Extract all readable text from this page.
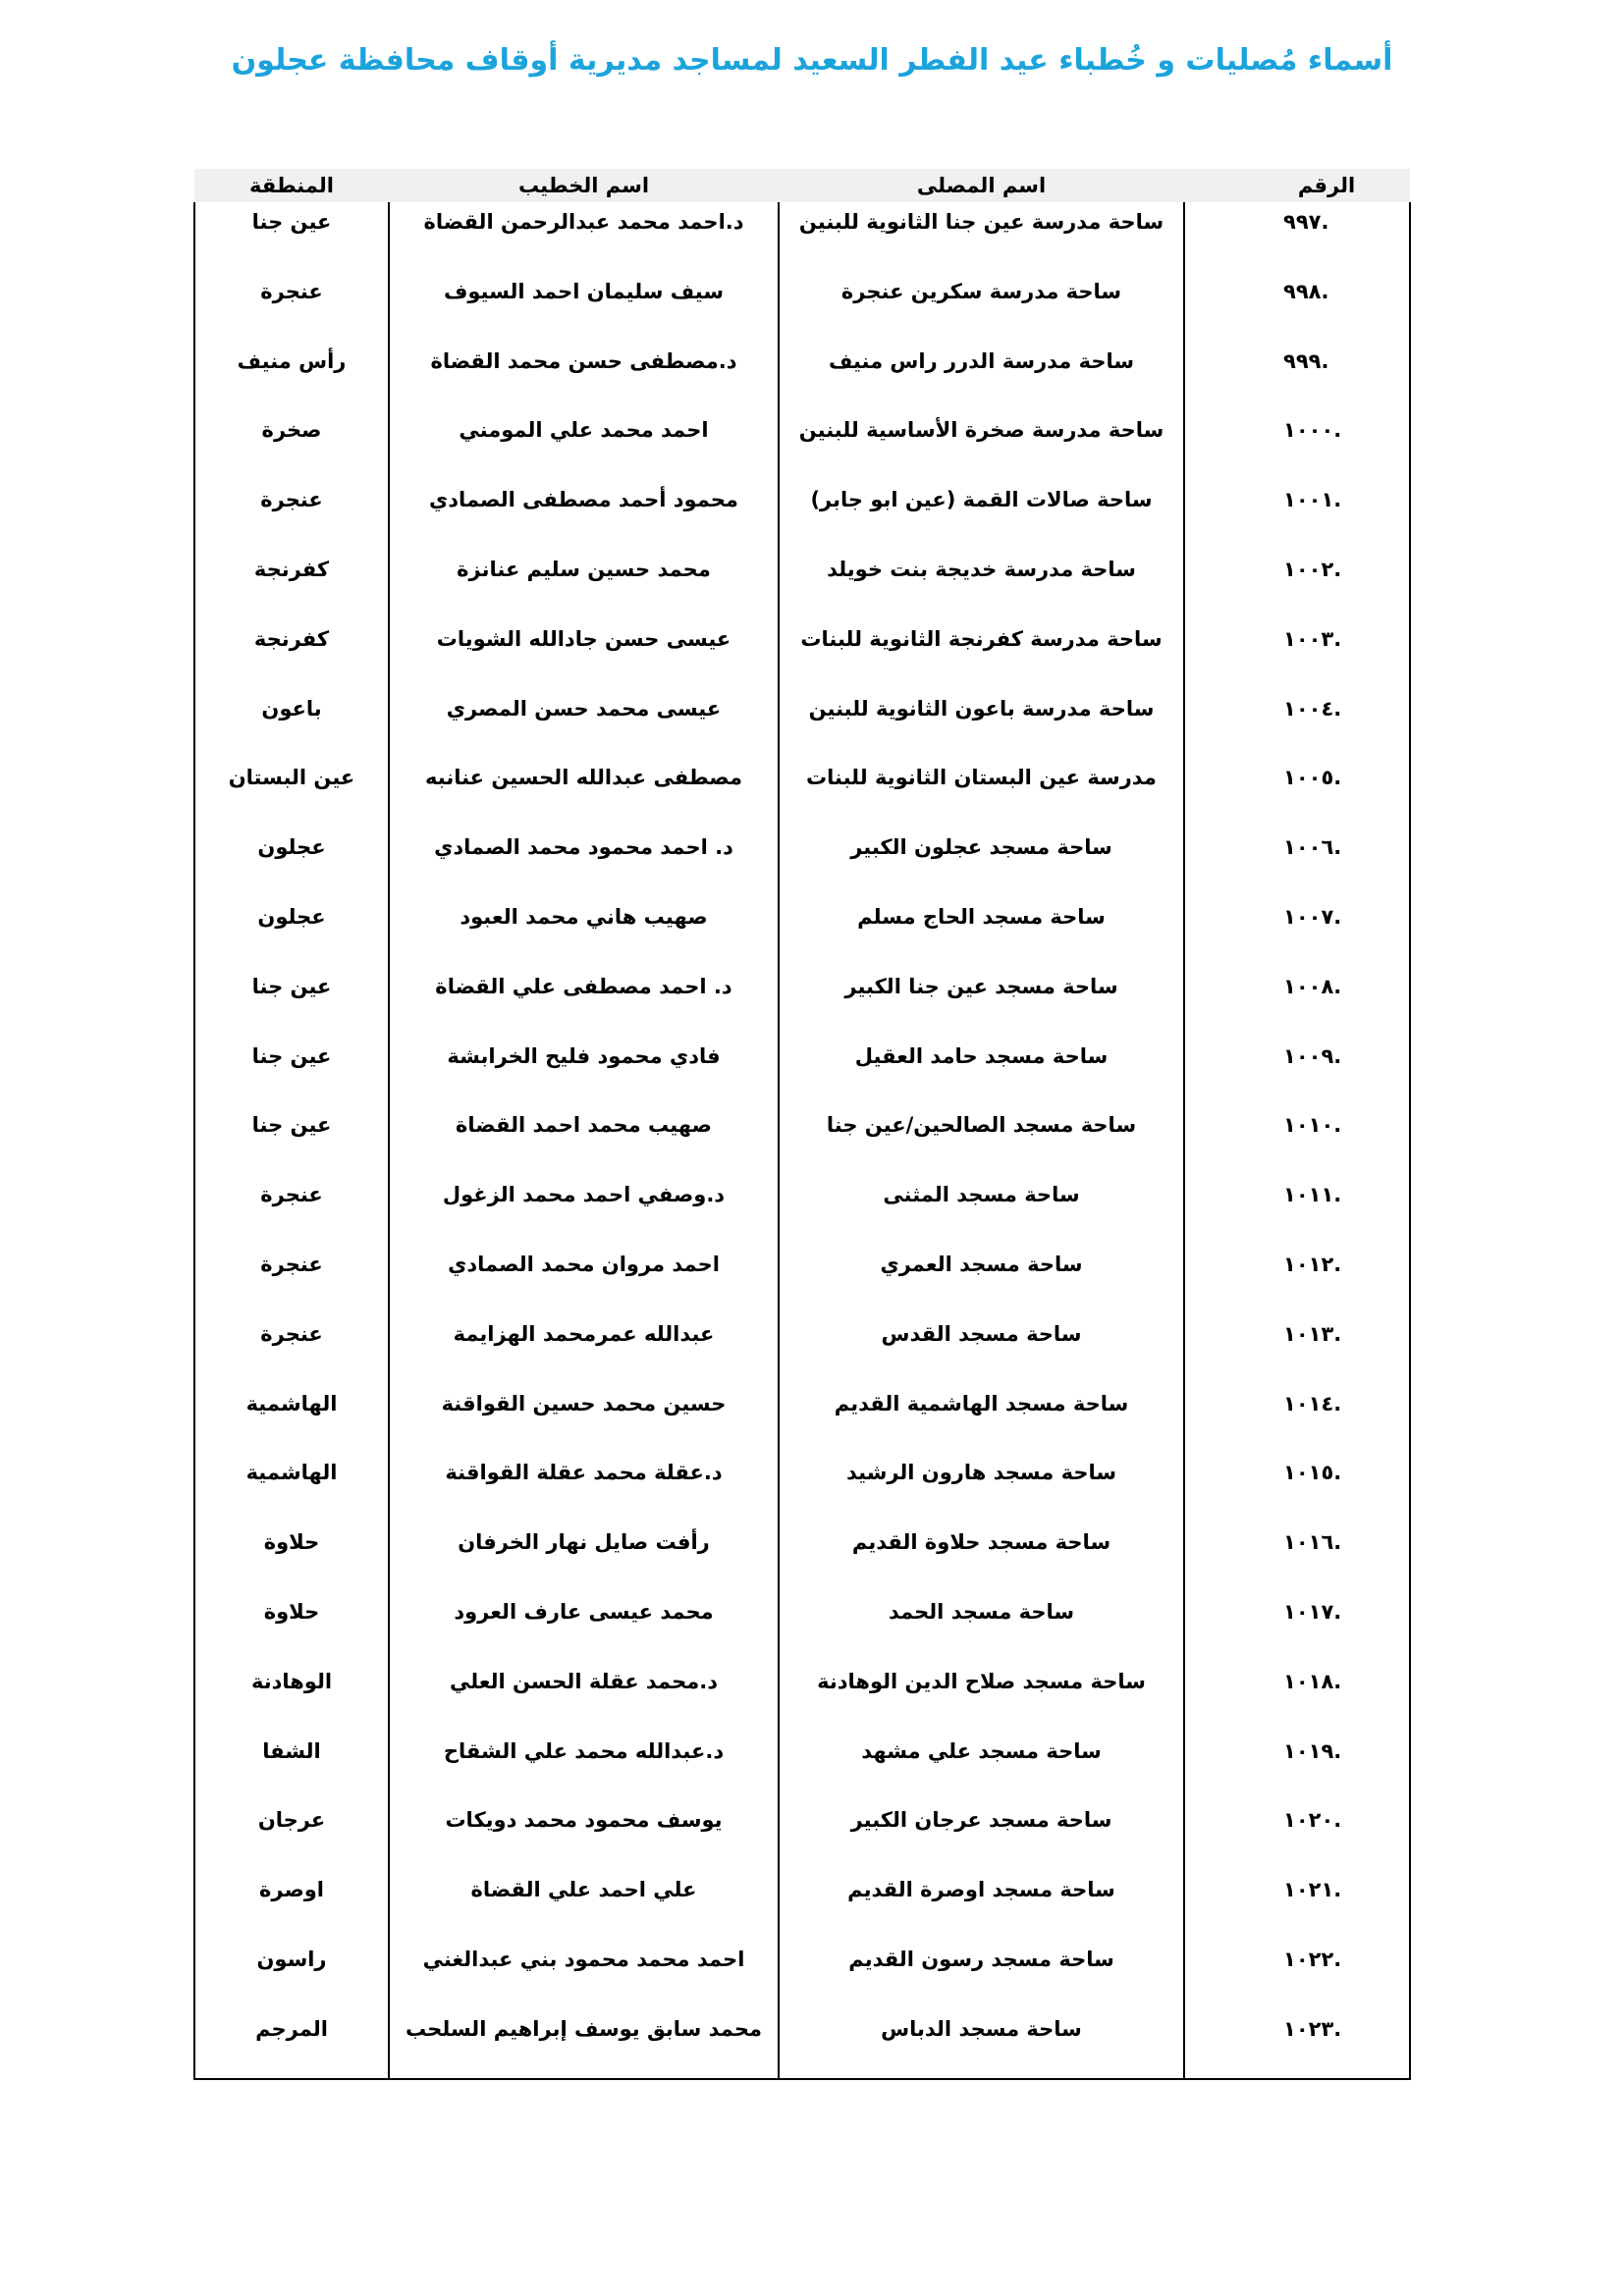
أسماء مُصليات و خُطباء عيد الفطر السعيد لمساجد مديرية أوقاف محافظة عجلون
المنطقة	اسم الخطيب	اسم المصلى	الرقم
عين جنا	د.احمد محمد عبدالرحمن القضاة	ساحة مدرسة عين جنا الثانوية للبنين	٩٩٧.
عنجرة	سيف سليمان احمد السيوف	ساحة مدرسة سكرين عنجرة	٩٩٨.
رأس منيف	د.مصطفى حسن محمد القضاة	ساحة مدرسة الدرر راس منيف	٩٩٩.
صخرة	احمد محمد علي المومني	ساحة مدرسة صخرة الأساسية للبنين	١٠٠٠.
عنجرة	محمود أحمد مصطفى الصمادي	ساحة صالات القمة (عين ابو جابر)	١٠٠١.
كفرنجة	محمد حسين سليم عنانزة	ساحة مدرسة خديجة بنت خويلد	١٠٠٢.
كفرنجة	عيسى حسن جادالله الشويات	ساحة مدرسة كفرنجة الثانوية للبنات	١٠٠٣.
باعون	عيسى محمد حسن المصري	ساحة مدرسة باعون الثانوية للبنين	١٠٠٤.
عين البستان	مصطفى عبدالله الحسين عنانبه	مدرسة عين البستان الثانوية للبنات	١٠٠٥.
عجلون	د. احمد محمود محمد الصمادي	ساحة مسجد عجلون الكبير	١٠٠٦.
عجلون	صهيب هاني محمد العبود	ساحة مسجد الحاج مسلم	١٠٠٧.
عين جنا	د. احمد مصطفى علي القضاة	ساحة مسجد عين جنا الكبير	١٠٠٨.
عين جنا	فادي محمود فليح الخرابشة	ساحة مسجد حامد العقيل	١٠٠٩.
عين جنا	صهيب محمد احمد القضاة	ساحة مسجد الصالحين/عين جنا	١٠١٠.
عنجرة	د.وصفي احمد محمد الزغول	ساحة مسجد المثنى	١٠١١.
عنجرة	احمد مروان محمد الصمادي	ساحة مسجد العمري	١٠١٢.
عنجرة	عبدالله عمرمحمد الهزايمة	ساحة مسجد القدس	١٠١٣.
الهاشمية	حسين محمد حسين القواقنة	ساحة مسجد الهاشمية القديم	١٠١٤.
الهاشمية	د.عقلة محمد عقلة القواقنة	ساحة مسجد هارون الرشيد	١٠١٥.
حلاوة	رأفت صايل نهار الخرفان	ساحة مسجد حلاوة القديم	١٠١٦.
حلاوة	محمد عيسى عارف العرود	ساحة مسجد الحمد	١٠١٧.
الوهادنة	د.محمد عقلة الحسن العلي	ساحة مسجد صلاح الدين الوهادنة	١٠١٨.
الشفا	د.عبدالله محمد علي الشقاح	ساحة مسجد علي مشهد	١٠١٩.
عرجان	يوسف محمود محمد دويكات	ساحة مسجد عرجان الكبير	١٠٢٠.
اوصرة	علي احمد علي القضاة	ساحة مسجد اوصرة القديم	١٠٢١.
راسون	احمد محمد محمود بني عبدالغني	ساحة مسجد رسون القديم	١٠٢٢.
المرجم	محمد سابق يوسف إبراهيم السلحب	ساحة مسجد الدباس	١٠٢٣.
